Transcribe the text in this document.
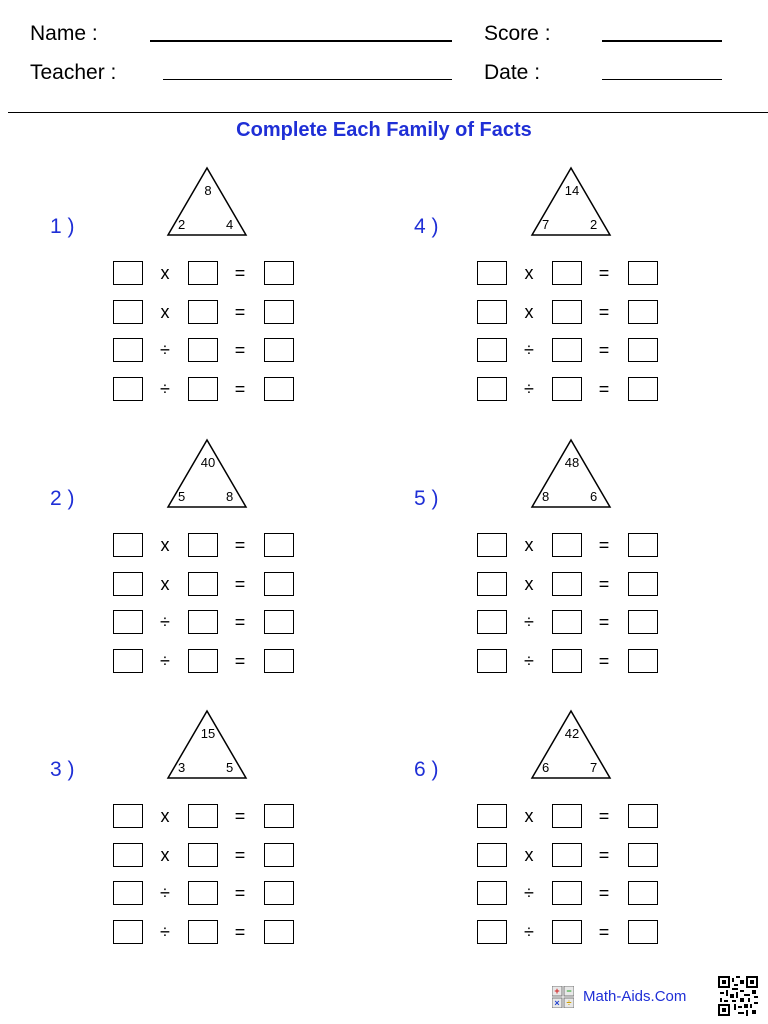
Name :
Teacher :
Score :
Date :
Complete Each Family of Facts
1 )
8
2	4
x	=
x	=
÷	=
÷	=
2 )
40
5	8
x	=
x	=
÷	=
÷	=
3 )
15
3	5
x	=
x	=
÷	=
÷	=
4 )
14
7	2
x	=
x	=
÷	=
÷	=
5 )
48
8	6
x	=
x	=
÷	=
÷	=
6 )
42
6	7
x	=
x	=
÷	=
÷	=
+ −
× ÷ Math-Aids.Com
